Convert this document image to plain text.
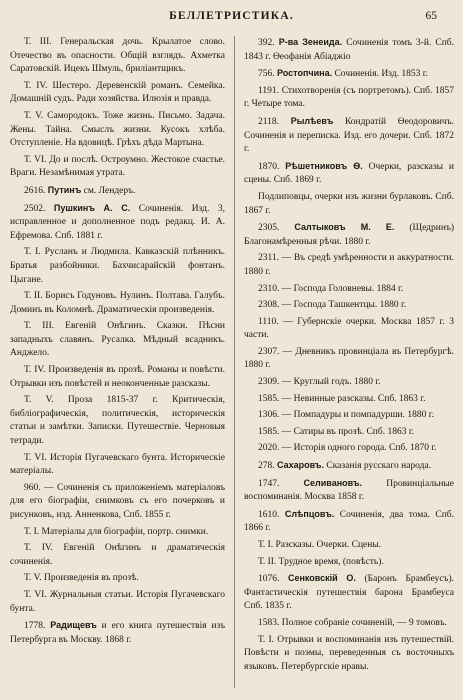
БЕЛЛЕТРИСТИКА.	65

Т. III. Генеральская дочь. Крылатое слово. Отечество въ опасности. Общій взглядъ. Ахметка Саратовскій. Ицекъ Шмуль, бриліантщикъ.

Т. IV. Шестеро. Деревенскій романъ. Семейка. Домашній судъ. Ради хозяйства. Илюзія и правда.

Т. V. Самородокъ. Тоже жизнь. Письмо. Задача. Жены. Тайна. Смыслъ жизни. Кусокъ хлѣба. Отступленіе. На вдовицѣ. Грѣхъ дѣда Мартына.

Т. VI. До и послѣ. Остроумно. Жестокое счастье. Враги. Незамѣнимая утрата.

2616. Путинъ см. Лендеръ.

2502. Пушкинъ А. С. Сочиненія. Изд. 3, исправленное и дополненное подъ редакц. И. А. Ефремова. Спб. 1881 г.

Т. I. Русланъ и Людмила. Кавказскій плѣнникъ. Братья разбойники. Бахчисарайскій фонтанъ. Цыгане.

Т. II. Борисъ Годуновъ. Нулинъ. Полтава. Галубъ. Доминъ въ Коломнѣ. Драматическія произведенія.

Т. III. Евгеній Онѣгинъ. Сказки. Пѣсни западныхъ славянъ. Русалка. Мѣдный всадникъ. Анджело.

Т. IV. Произведенія въ прозѣ. Романы и повѣсти. Отрывки изъ повѣстей и неоконченные разсказы.

Т. V. Проза 1815-37 г. Критическія, библіографическія, политическія, историческія статьи и замѣтки. Записки. Путешествіе. Черновыя тетради.

Т. VI. Исторія Пугачевскаго бунта. Историческіе матеріалы.

960. — Сочиненія съ приложеніемъ матеріаловъ для его біографіи, снимковъ съ его почерковъ и рисунковъ, изд. Анненкова, Спб. 1855 г.

Т. I. Матеріалы для біографіи, портр. снимки.

Т. IV. Евгеній Онѣгинъ и драматическія сочиненія.

Т. V. Произведенія въ прозѣ.

Т. VI. Журнальныя статьи. Исторія Пугачевскаго бунта.

1778. Радищевъ и его книга путешествія изъ Петербурга въ Москву. 1868 г.

392. Р-ва Зенеида. Сочиненія томъ 3-й. Спб. 1843 г. Ѳеофанія Абіаджіо

756. Ростопчина. Сочиненія. Изд. 1853 г.

1191. Стихотворенія (съ портретомъ). Спб. 1857 г. Четыре тома.

2118. Рылѣевъ Кондратій Ѳеодоровичъ. Сочиненія и переписка. Изд. его дочери. Спб. 1872 г.

1870. Рѣшетниковъ Ѳ. Очерки, разсказы и сцены. Спб. 1869 г.

Подлиповцы, очерки изъ жизни бурлаковъ. Спб. 1867 г.

2305. Салтыковъ М. Е. (Щедринъ) Благонамѣренныя рѣчи. 1880 г.

2311. — Въ средѣ умѣренности и аккуратности. 1880 г.

2310. — Господа Головневы. 1884 г.

2308. — Господа Ташкентцы. 1880 г.

1110. — Губернскіе очерки. Москва 1857 г. 3 части.

2307. — Дневникъ провинціала въ Петербургѣ. 1880 г.

2309. — Круглый годъ. 1880 г.

1585. — Невинные разсказы. Спб. 1863 г.

1306. — Помпадуры и помпадурши. 1880 г.

1585. — Сатиры въ прозѣ. Спб. 1863 г.

2020. — Исторія одного города. Спб. 1870 г.

278. Сахаровъ. Сказанія русскаго народа.

1747. Селивановъ. Провинціальные воспоминанія. Москва 1858 г.

1610. Слѣпцовъ. Сочиненія, два тома. Спб. 1866 г.

Т. I. Разсказы. Очерки. Сцены.

Т. II. Трудное время, (повѣсть).

1076. Сенковскій О. (Баронъ Брамбеусъ). Фантастическія путешествія барона Брамбеуса Спб. 1835 г.

1583. Полное собраніе сочиненій, — 9 томовъ.

Т. I. Отрывки и воспоминанія изъ путешествій. Повѣсти и поэмы, переведенныя съ восточныхъ языковъ. Петербургскіе нравы.
